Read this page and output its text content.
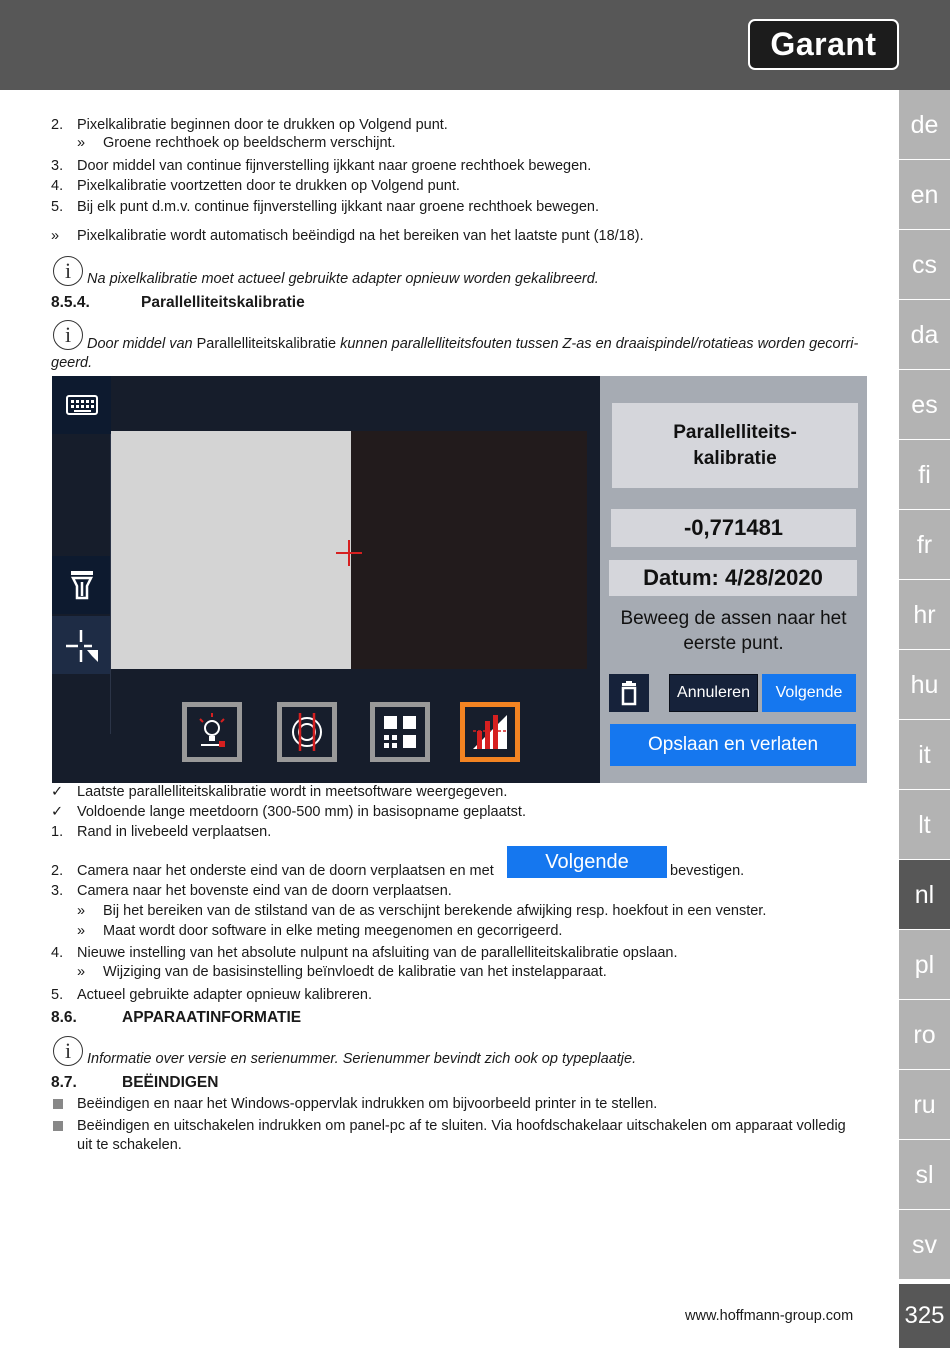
Garant
de
en
cs
da
es
fi
fr
hr
hu
it
lt
nl
pl
ro
ru
sl
sv
325
2. Pixelkalibratie beginnen door te drukken op Volgend punt.
» Groene rechthoek op beeldscherm verschijnt.
3. Door middel van continue fijnverstelling ijkkant naar groene rechthoek bewegen.
4. Pixelkalibratie voortzetten door te drukken op Volgend punt.
5. Bij elk punt d.m.v. continue fijnverstelling ijkkant naar groene rechthoek bewegen.
» Pixelkalibratie wordt automatisch beëindigd na het bereiken van het laatste punt (18/18).
i	Na pixelkalibratie moet actueel gebruikte adapter opnieuw worden gekalibreerd.
8.5.4.	Parallelliteitskalibratie
i	Door middel van Parallelliteitskalibratie kunnen parallelliteitsfouten tussen Z-as en draaispindel/rotatieas worden gecorri-
geerd.
Parallelliteits-
kalibratie
-0,771481
Datum: 4/28/2020
Beweeg de assen naar het
eerste punt.
Annuleren	Volgende
Opslaan en verlaten
✓ Laatste parallelliteitskalibratie wordt in meetsoftware weergegeven.
✓ Voldoende lange meetdoorn (300-500 mm) in basisopname geplaatst.
1. Rand in livebeeld verplaatsen.
2. Camera naar het onderste eind van de doorn verplaatsen en met	Volgende	bevestigen.
3. Camera naar het bovenste eind van de doorn verplaatsen.
» Bij het bereiken van de stilstand van de as verschijnt berekende afwijking resp. hoekfout in een venster.
» Maat wordt door software in elke meting meegenomen en gecorrigeerd.
4. Nieuwe instelling van het absolute nulpunt na afsluiting van de parallelliteitskalibratie opslaan.
» Wijziging van de basisinstelling beïnvloedt de kalibratie van het instelapparaat.
5. Actueel gebruikte adapter opnieuw kalibreren.
8.6.	APPARAATINFORMATIE
i	Informatie over versie en serienummer. Serienummer bevindt zich ook op typeplaatje.
8.7.	BEËINDIGEN
Beëindigen en naar het Windows-oppervlak indrukken om bijvoorbeeld printer in te stellen.
Beëindigen en uitschakelen indrukken om panel-pc af te sluiten. Via hoofdschakelaar uitschakelen om apparaat volledig
uit te schakelen.
www.hoffmann-group.com
